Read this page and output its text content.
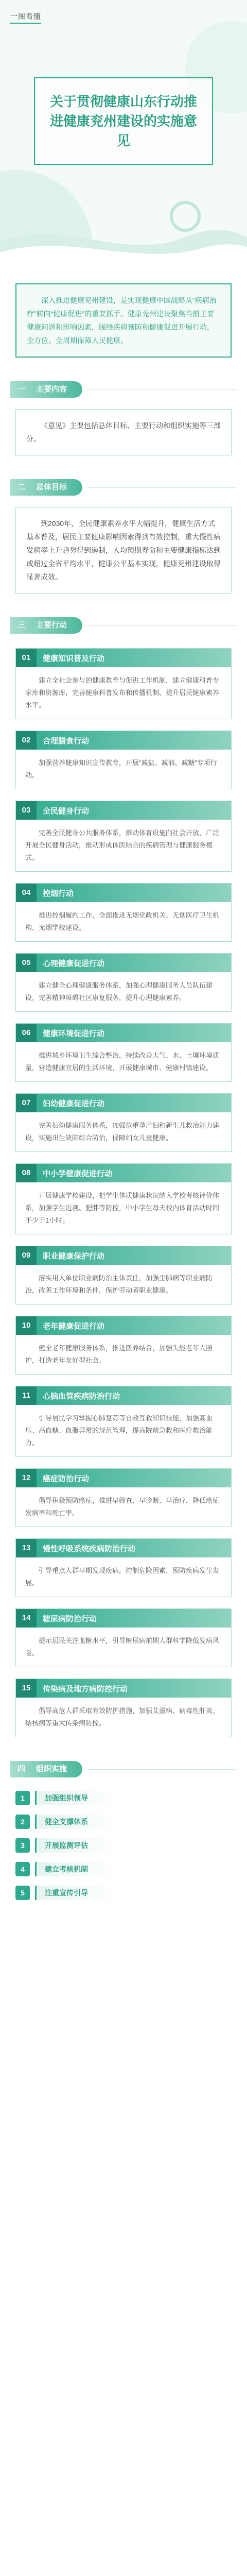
一图看懂
关于贯彻健康山东行动推进健康兖州建设的实施意见
深入推进健康兖州建设，是实现健康中国战略从“疾病治疗”转向“健康促进”的重要抓手。健康兖州建设聚焦当前主要健康问题和影响因素，围绕疾病预防和健康促进开展行动，全方位、全周期保障人民健康。
一 主要内容
《意见》主要包括总体目标、主要行动和组织实施等三部分。
二 总体目标
到2030年，全民健康素养水平大幅提升，健康生活方式基本普及，居民主要健康影响因素得到有效控制，重大慢性病发病率上升趋势得到遏制，人均预期寿命和主要健康指标达到或超过全省平均水平，健康公平基本实现，健康兖州建设取得显著成效。
三 主要行动
01	健康知识普及行动
建立全社会参与的健康教育与促进工作机制，建立健康科普专家库和资源库，完善健康科普发布和传播机制，提升居民健康素养水平。
02	合理膳食行动
加强营养健康知识宣传教育，开展“减盐、减油、减糖”专项行动。
03	全民健身行动
完善全民健身公共服务体系，推动体育设施向社会开放，广泛开展全民健身活动，推动形成体医结合的疾病管理与健康服务模式。
04	控烟行动
推进控烟履约工作，全面推进无烟党政机关、无烟医疗卫生机构、无烟学校建设。
05	心理健康促进行动
建立健全心理健康服务体系，加强心理健康服务人员队伍建设，完善精神障碍社区康复服务，提升心理健康素养。
06	健康环境促进行动
推进城乡环境卫生综合整治，持续改善大气、水、土壤环境质量，营造健康宜居的生活环境，开展健康城市、健康村镇建设。
07	妇幼健康促进行动
完善妇幼健康服务体系，加强危重孕产妇和新生儿救治能力建设，实施出生缺陷综合防治，保障妇女儿童健康。
08	中小学健康促进行动
开展健康学校建设，把学生体质健康状况纳入学校考核评价体系，加强学生近视、肥胖等防控，中小学生每天校内体育活动时间不少于1小时。
09	职业健康保护行动
落实用人单位职业病防治主体责任，加强尘肺病等职业病防治，改善工作环境和条件，保护劳动者职业健康。
10	老年健康促进行动
健全老年健康服务体系，推进医养结合，加强失能老年人照护，打造老年友好型社会。
11	心脑血管疾病防治行动
引导居民学习掌握心肺复苏等自救互救知识技能，加强高血压、高血糖、血脂异常的规范管理，提高院前急救和医疗救治能力。
12	癌症防治行动
倡导积极预防癌症，推进早筛查、早诊断、早治疗，降低癌症发病率和死亡率。
13	慢性呼吸系统疾病防治行动
引导重点人群早期发现疾病，控制危险因素，预防疾病发生发展。
14	糖尿病防治行动
提示居民关注血糖水平，引导糖尿病前期人群科学降低发病风险。
15	传染病及地方病防控行动
倡导高危人群采取有效防护措施，加强艾滋病、病毒性肝炎、结核病等重大传染病防控。
四 组织实施
1	加强组织领导
2	健全支撑体系
3	开展监测评估
4	建立考核机制
5	注重宣传引导
